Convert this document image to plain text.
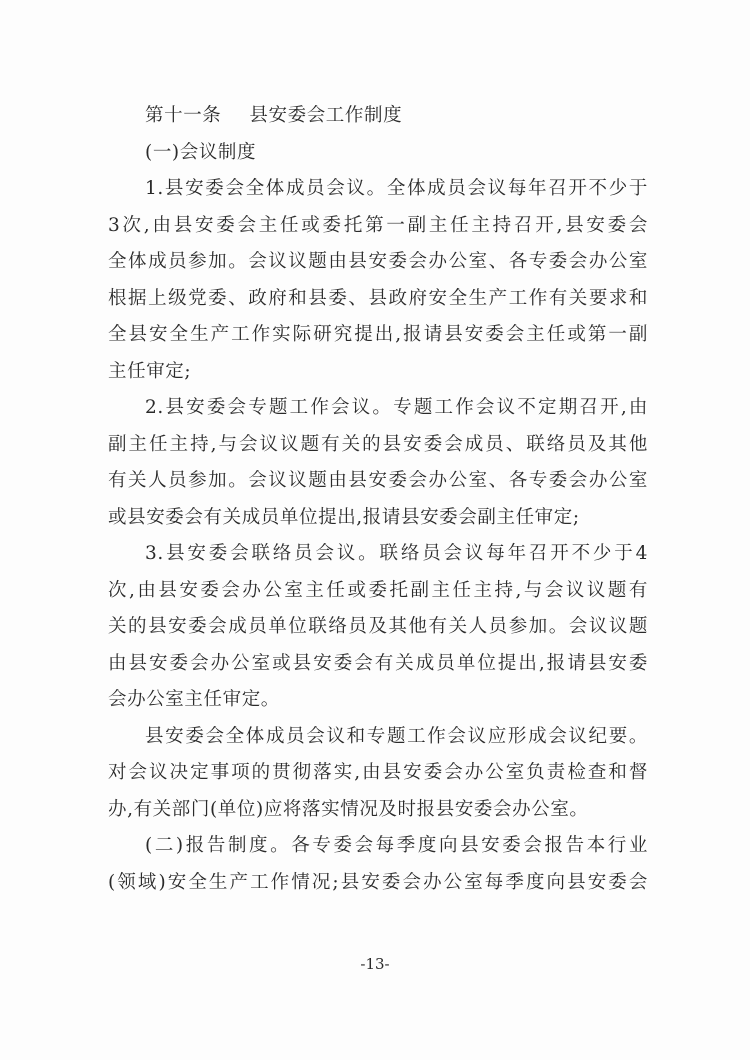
第十一条 县安委会工作制度
(一)会议制度
1.县安委会全体成员会议。全体成员会议每年召开不少于
3次,由县安委会主任或委托第一副主任主持召开,县安委会
全体成员参加。会议议题由县安委会办公室、各专委会办公室
根据上级党委、政府和县委、县政府安全生产工作有关要求和
全县安全生产工作实际研究提出,报请县安委会主任或第一副
主任审定;
2.县安委会专题工作会议。专题工作会议不定期召开,由
副主任主持,与会议议题有关的县安委会成员、联络员及其他
有关人员参加。会议议题由县安委会办公室、各专委会办公室
或县安委会有关成员单位提出,报请县安委会副主任审定;
3.县安委会联络员会议。联络员会议每年召开不少于4
次,由县安委会办公室主任或委托副主任主持,与会议议题有
关的县安委会成员单位联络员及其他有关人员参加。会议议题
由县安委会办公室或县安委会有关成员单位提出,报请县安委
会办公室主任审定。
县安委会全体成员会议和专题工作会议应形成会议纪要。
对会议决定事项的贯彻落实,由县安委会办公室负责检查和督
办,有关部门(单位)应将落实情况及时报县安委会办公室。
(二)报告制度。各专委会每季度向县安委会报告本行业
(领域)安全生产工作情况;县安委会办公室每季度向县安委会
-13-
